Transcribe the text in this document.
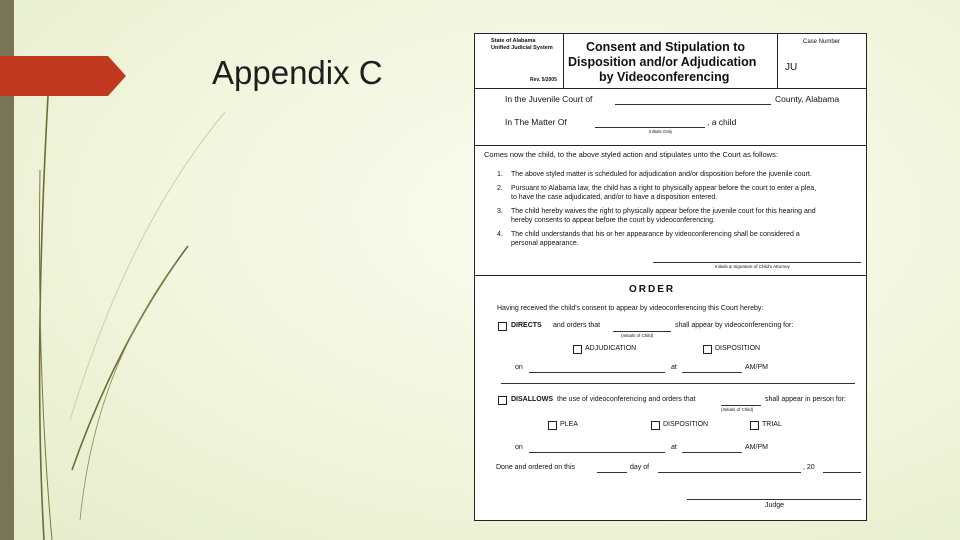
Appendix C
State of Alabama
Unified Judicial System
Rev. 5/2005
Consent and Stipulation to
Disposition and/or Adjudication
by Videoconferencing
Case Number
JU
In the Juvenile Court of	County, Alabama
In The Matter Of	, a child
Initials Only
Comes now the child, to the above styled action and stipulates unto the Court as follows:
1. The above styled matter is scheduled for adjudication and/or disposition before the juvenile court.
2. Pursuant to Alabama law, the child has a right to physically appear before the court to enter a plea,
to have the case adjudicated, and/or to have a disposition entered.
3. The child hereby waives the right to physically appear before the juvenile court for this hearing and
hereby consents to appear before the court by videoconferencing.
4. The child understands that his or her appearance by videoconferencing shall be considered a
personal appearance.
Initials & Signature of Child's Attorney
ORDER
Having received the child's consent to appear by videoconferencing this Court hereby:
DIRECTS and orders that	shall appear by videoconferencing for:
(Initials of Child)
ADJUDICATION	DISPOSITION
on	at	AM/PM
DISALLOWS the use of videoconferencing and orders that	shall appear in person for:
(Initials of Child)
PLEA	DISPOSITION	TRIAL
on	at	AM/PM
Done and ordered on this	day of	, 20
Judge
